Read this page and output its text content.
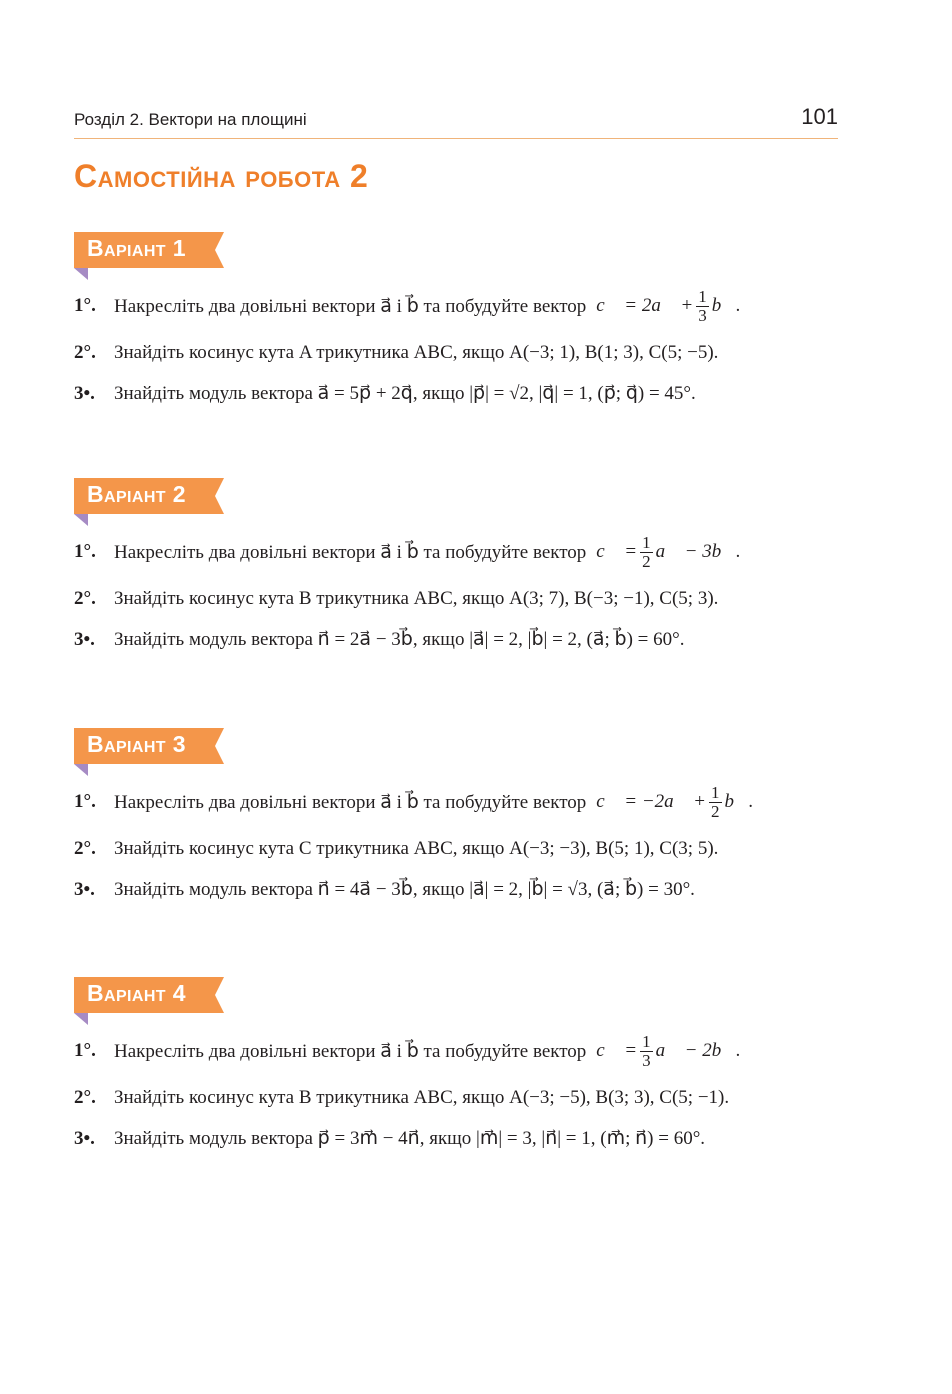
Розділ 2. Вектори на площині	101
Самостійна робота 2
Варіант 1
1°. Накресліть два довільні вектори a⃗ і b⃗ та побудуйте вектор c⃗ = 2a⃗ + $\frac{1}{3}$ b⃗.
2°. Знайдіть косинус кута A трикутника ABC, якщо A(−3; 1), B(1; 3), C(5; −5).
3•.	Знайдіть модуль вектора a⃗ = 5p⃗ + 2q⃗, якщо |p⃗| = √2, |q⃗| = 1, (p⃗; q⃗) = 45°.
Варіант 2
1°. Накресліть два довільні вектори a⃗ і b⃗ та побудуйте вектор c⃗ = $\frac{1}{2}$ a⃗ − 3b⃗.
2°. Знайдіть косинус кута B трикутника ABC, якщо A(3; 7), B(−3; −1), C(5; 3).
3•.	Знайдіть модуль вектора n⃗ = 2a⃗ − 3b⃗, якщо |a⃗| = 2, |b⃗| = 2, (a⃗; b⃗) = 60°.
Варіант 3
1°. Накресліть два довільні вектори a⃗ і b⃗ та побудуйте вектор c⃗ = −2a⃗ + $\frac{1}{2}$ b⃗.
2°. Знайдіть косинус кута C трикутника ABC, якщо A(−3; −3), B(5; 1), C(3; 5).
3•.	Знайдіть модуль вектора n⃗ = 4a⃗ − 3b⃗, якщо |a⃗| = 2, |b⃗| = √3, (a⃗; b⃗) = 30°.
Варіант 4
1°. Накресліть два довільні вектори a⃗ і b⃗ та побудуйте вектор c⃗ = $\frac{1}{3}$ a⃗ − 2b⃗.
2°. Знайдіть косинус кута B трикутника ABC, якщо A(−3; −5), B(3; 3), C(5; −1).
3•.	Знайдіть модуль вектора p⃗ = 3m⃗ − 4n⃗, якщо |m⃗| = 3, |n⃗| = 1, (m⃗; n⃗) = 60°.
